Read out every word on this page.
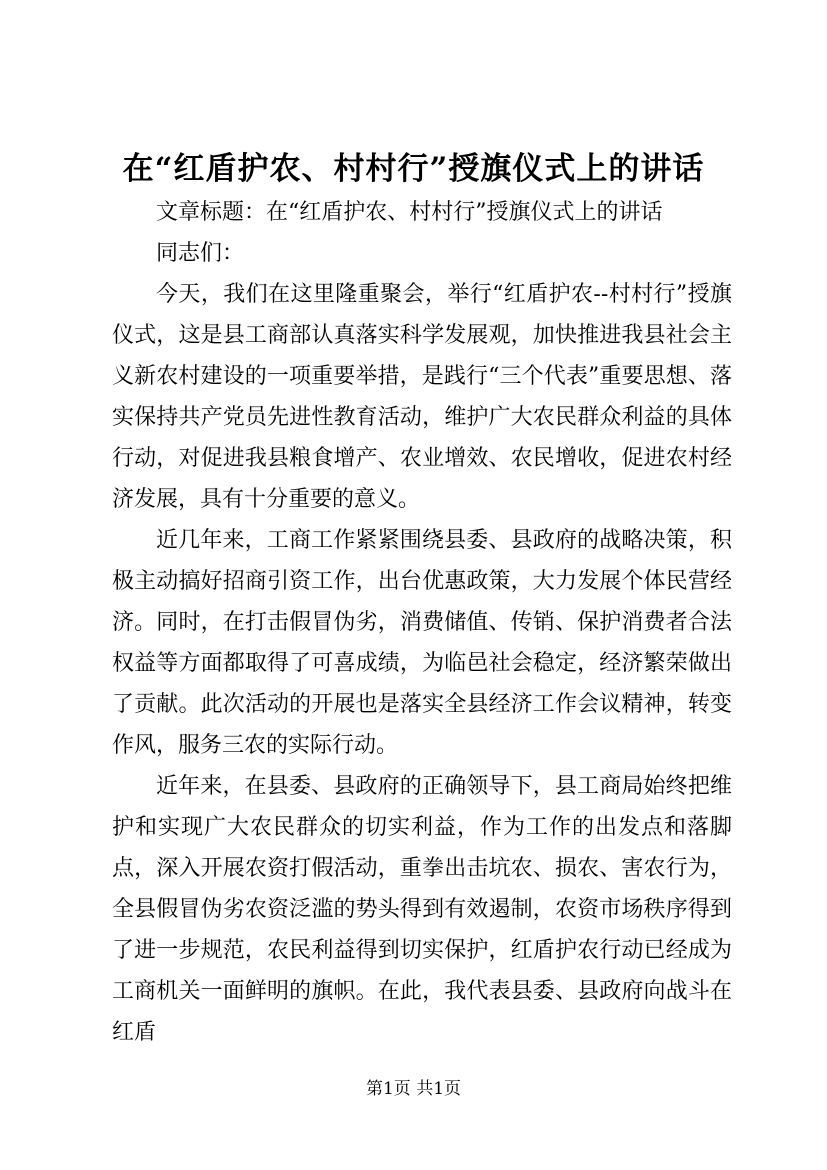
在“红盾护农、村村行”授旗仪式上的讲话

文章标题：在“红盾护农、村村行”授旗仪式上的讲话

同志们：

今天，我们在这里隆重聚会，举行“红盾护农--村村行”授旗仪式，这是县工商部认真落实科学发展观，加快推进我县社会主义新农村建设的一项重要举措，是践行“三个代表”重要思想、落实保持共产党员先进性教育活动，维护广大农民群众利益的具体行动，对促进我县粮食增产、农业增效、农民增收，促进农村经济发展，具有十分重要的意义。

近几年来，工商工作紧紧围绕县委、县政府的战略决策，积极主动搞好招商引资工作，出台优惠政策，大力发展个体民营经济。同时，在打击假冒伪劣，消费储值、传销、保护消费者合法权益等方面都取得了可喜成绩，为临邑社会稳定，经济繁荣做出了贡献。此次活动的开展也是落实全县经济工作会议精神，转变作风，服务三农的实际行动。

近年来，在县委、县政府的正确领导下，县工商局始终把维护和实现广大农民群众的切实利益，作为工作的出发点和落脚点，深入开展农资打假活动，重拳出击坑农、损农、害农行为，全县假冒伪劣农资泛滥的势头得到有效遏制，农资市场秩序得到了进一步规范，农民利益得到切实保护，红盾护农行动已经成为工商机关一面鲜明的旗帜。在此，我代表县委、县政府向战斗在红盾

第1页 共1页
